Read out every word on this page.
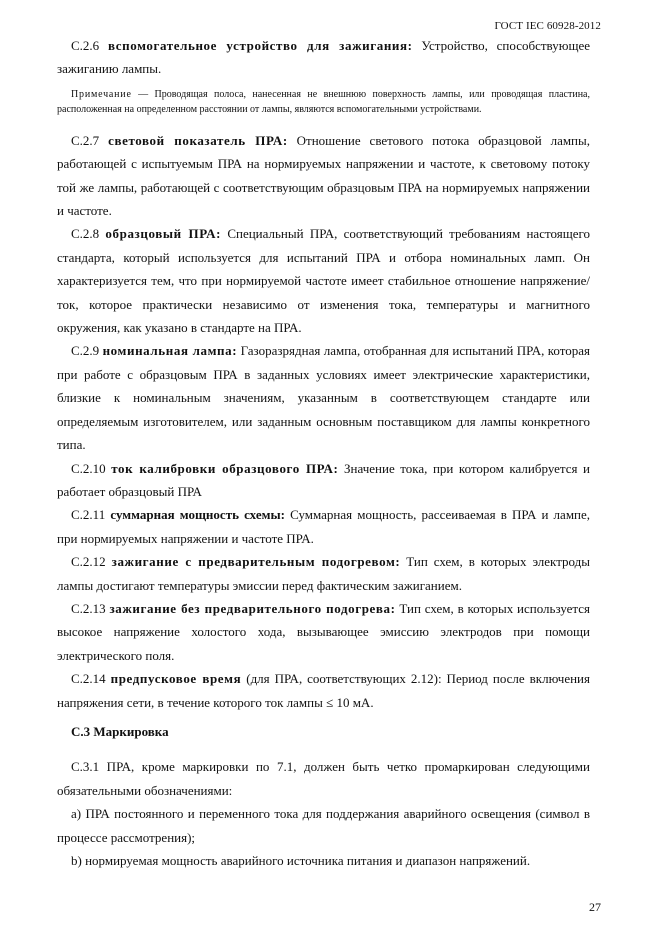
ГОСТ IEC 60928-2012

С.2.6 вспомогательное устройство для зажигания: Устройство, способствующее зажиганию лампы.

Примечание — Проводящая полоса, нанесенная не внешнюю поверхность лампы, или проводящая пластина, расположенная на определенном расстоянии от лампы, являются вспомогательными устройствами.

С.2.7 световой показатель ПРА: Отношение светового потока образцовой лампы, работающей с испытуемым ПРА на нормируемых напряжении и частоте, к световому потоку той же лампы, работающей с соответствующим образцовым ПРА на нормируемых напряжении и частоте.

С.2.8 образцовый ПРА: Специальный ПРА, соответствующий требованиям настоящего стандарта, который используется для испытаний ПРА и отбора номинальных ламп. Он характеризуется тем, что при нормируемой частоте имеет стабильное отношение напряжение/ток, которое практически независимо от изменения тока, температуры и магнитного окружения, как указано в стандарте на ПРА.

С.2.9 номинальная лампа: Газоразрядная лампа, отобранная для испытаний ПРА, которая при работе с образцовым ПРА в заданных условиях имеет электрические характеристики, близкие к номинальным значениям, указанным в соответствующем стандарте или определяемым изготовителем, или заданным основным поставщиком для лампы конкретного типа.

С.2.10 ток калибровки образцового ПРА: Значение тока, при котором калибруется и работает образцовый ПРА

С.2.11 суммарная мощность схемы: Суммарная мощность, рассеиваемая в ПРА и лампе, при нормируемых напряжении и частоте ПРА.

С.2.12 зажигание с предварительным подогревом: Тип схем, в которых электроды лампы достигают температуры эмиссии перед фактическим зажиганием.

С.2.13 зажигание без предварительного подогрева: Тип схем, в которых используется высокое напряжение холостого хода, вызывающее эмиссию электродов при помощи электрического поля.

С.2.14 предпусковое время (для ПРА, соответствующих 2.12): Период после включения напряжения сети, в течение которого ток лампы ≤ 10 мА.

С.3 Маркировка

С.3.1 ПРА, кроме маркировки по 7.1, должен быть четко промаркирован следующими обязательными обозначениями:

а) ПРА постоянного и переменного тока для поддержания аварийного освещения (символ в процессе рассмотрения);

b) нормируемая мощность аварийного источника питания и диапазон напряжений.

27
